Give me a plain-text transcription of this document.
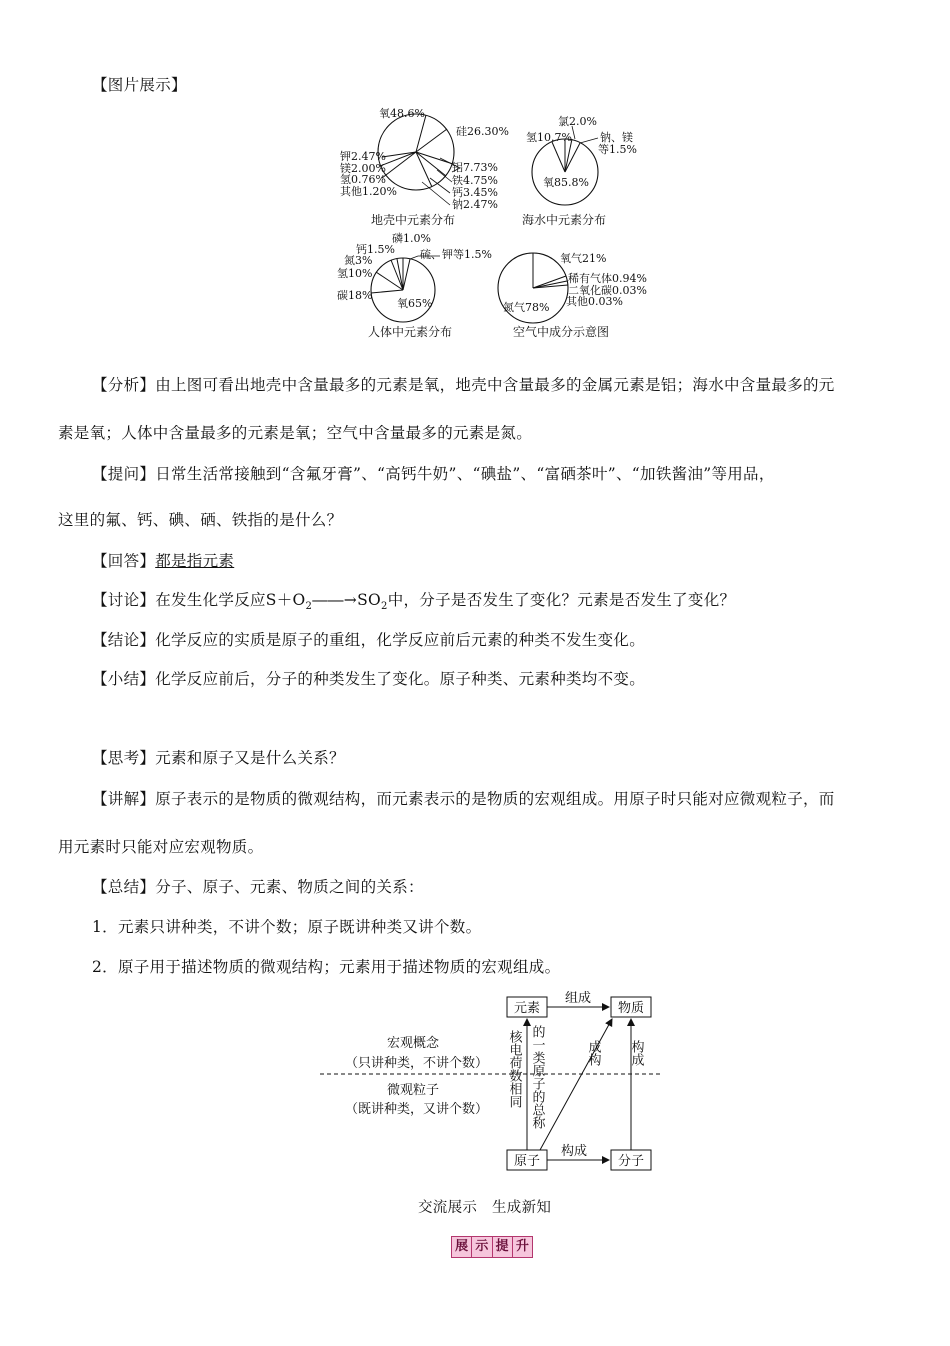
【图片展示】
氧48.6%
硅26.30%
铝7.73%
铁4.75%
钙3.45%
钠2.47%
钾2.47%
镁2.00%
氢0.76%
其他1.20%
地壳中元素分布
氯2.0%
氢10.7%	钠、镁
等1.5%
氧85.8%
海水中元素分布
磷1.0%
硫、钾等1.5%
钙1.5%
氮3%
氢10%
碳18%
氧65%
人体中元素分布
氧气21%
稀有气体0.94%
二氧化碳0.03%
其他0.03%
氮气78%
空气中成分示意图
【分析】由上图可看出地壳中含量最多的元素是氧，地壳中含量最多的金属元素是铝；海水中含量最多的元
素是氧；人体中含量最多的元素是氧；空气中含量最多的元素是氮。
【提问】日常生活常接触到“含氟牙膏”、“高钙牛奶”、“碘盐”、“富硒茶叶”、“加铁酱油”等用品，
这里的氟、钙、碘、硒、铁指的是什么？
【回答】都是指元素
【讨论】在发生化学反应$S+O_2――\to SO_2$中，分子是否发生了变化？元素是否发生了变化？
【结论】化学反应的实质是原子的重组，化学反应前后元素的种类不发生变化。
【小结】化学反应前后，分子的种类发生了变化。原子种类、元素种类均不变。
【思考】元素和原子又是什么关系？
【讲解】原子表示的是物质的微观结构，而元素表示的是物质的宏观组成。用原子时只能对应微观粒子，而
用元素时只能对应宏观物质。
【总结】分子、原子、元素、物质之间的关系：
1．元素只讲种类，不讲个数；原子既讲种类又讲个数。
2．原子用于描述物质的微观结构；元素用于描述物质的宏观组成。
宏观概念
（只讲种类，不讲个数）
微观粒子
（既讲种类，又讲个数）
元素	物质
原子	分子
组成
构成
构成
成构
核电荷数相同 的一类原子的总称
交流展示　生成新知
展 示 提 升
